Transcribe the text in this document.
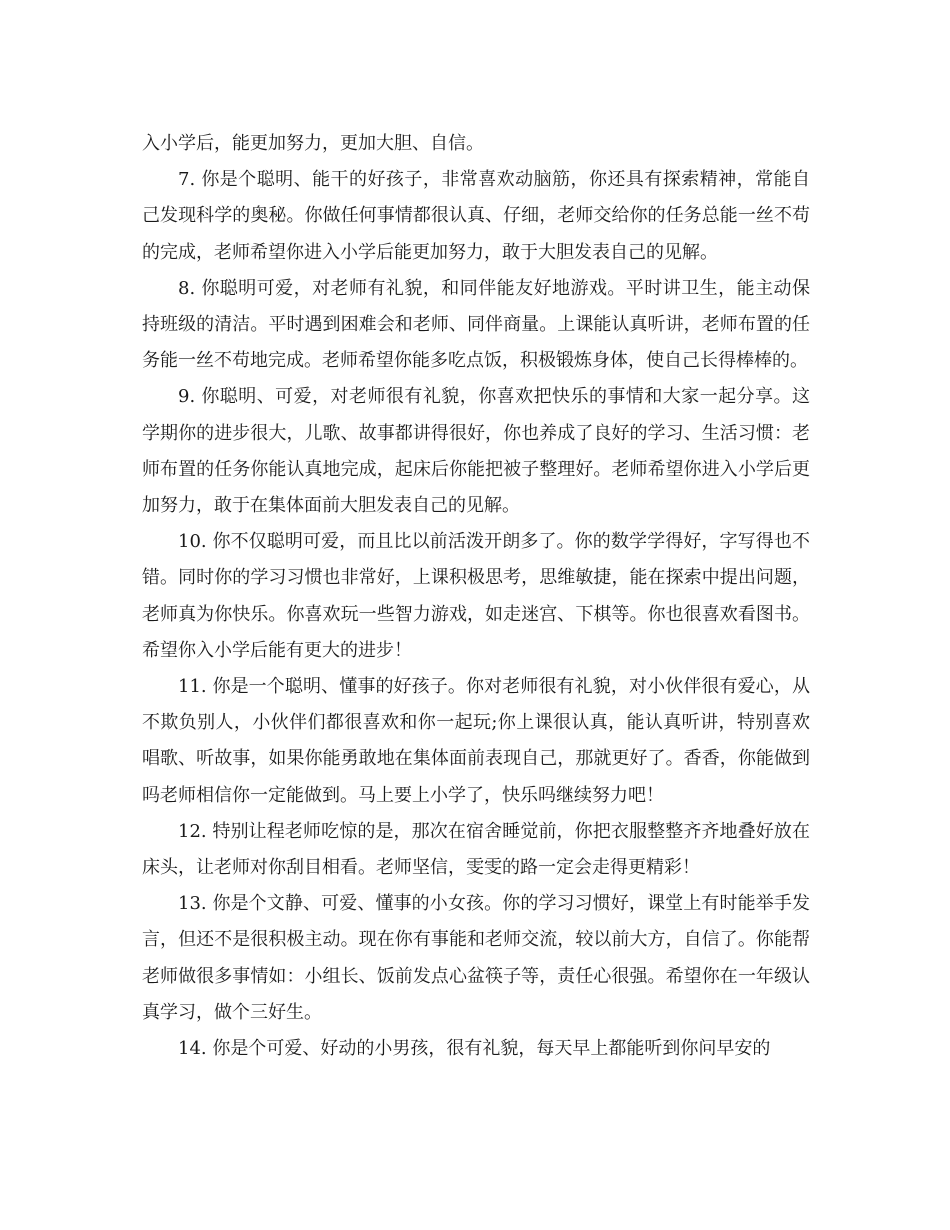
入小学后，能更加努力，更加大胆、自信。

7. 你是个聪明、能干的好孩子，非常喜欢动脑筋，你还具有探索精神，常能自己发现科学的奥秘。你做任何事情都很认真、仔细，老师交给你的任务总能一丝不苟的完成，老师希望你进入小学后能更加努力，敢于大胆发表自己的见解。

8. 你聪明可爱，对老师有礼貌，和同伴能友好地游戏。平时讲卫生，能主动保持班级的清洁。平时遇到困难会和老师、同伴商量。上课能认真听讲，老师布置的任务能一丝不苟地完成。老师希望你能多吃点饭，积极锻炼身体，使自己长得棒棒的。

9. 你聪明、可爱，对老师很有礼貌，你喜欢把快乐的事情和大家一起分享。这学期你的进步很大，儿歌、故事都讲得很好，你也养成了良好的学习、生活习惯：老师布置的任务你能认真地完成，起床后你能把被子整理好。老师希望你进入小学后更加努力，敢于在集体面前大胆发表自己的见解。

10. 你不仅聪明可爱，而且比以前活泼开朗多了。你的数学学得好，字写得也不错。同时你的学习习惯也非常好，上课积极思考，思维敏捷，能在探索中提出问题，老师真为你快乐。你喜欢玩一些智力游戏，如走迷宫、下棋等。你也很喜欢看图书。希望你入小学后能有更大的进步！

11. 你是一个聪明、懂事的好孩子。你对老师很有礼貌，对小伙伴很有爱心，从不欺负别人，小伙伴们都很喜欢和你一起玩;你上课很认真，能认真听讲，特别喜欢唱歌、听故事，如果你能勇敢地在集体面前表现自己，那就更好了。香香，你能做到吗老师相信你一定能做到。马上要上小学了，快乐吗继续努力吧！

12. 特别让程老师吃惊的是，那次在宿舍睡觉前，你把衣服整整齐齐地叠好放在床头，让老师对你刮目相看。老师坚信，雯雯的路一定会走得更精彩！

13. 你是个文静、可爱、懂事的小女孩。你的学习习惯好，课堂上有时能举手发言，但还不是很积极主动。现在你有事能和老师交流，较以前大方，自信了。你能帮老师做很多事情如：小组长、饭前发点心盆筷子等，责任心很强。希望你在一年级认真学习，做个三好生。

14. 你是个可爱、好动的小男孩，很有礼貌，每天早上都能听到你问早安的
